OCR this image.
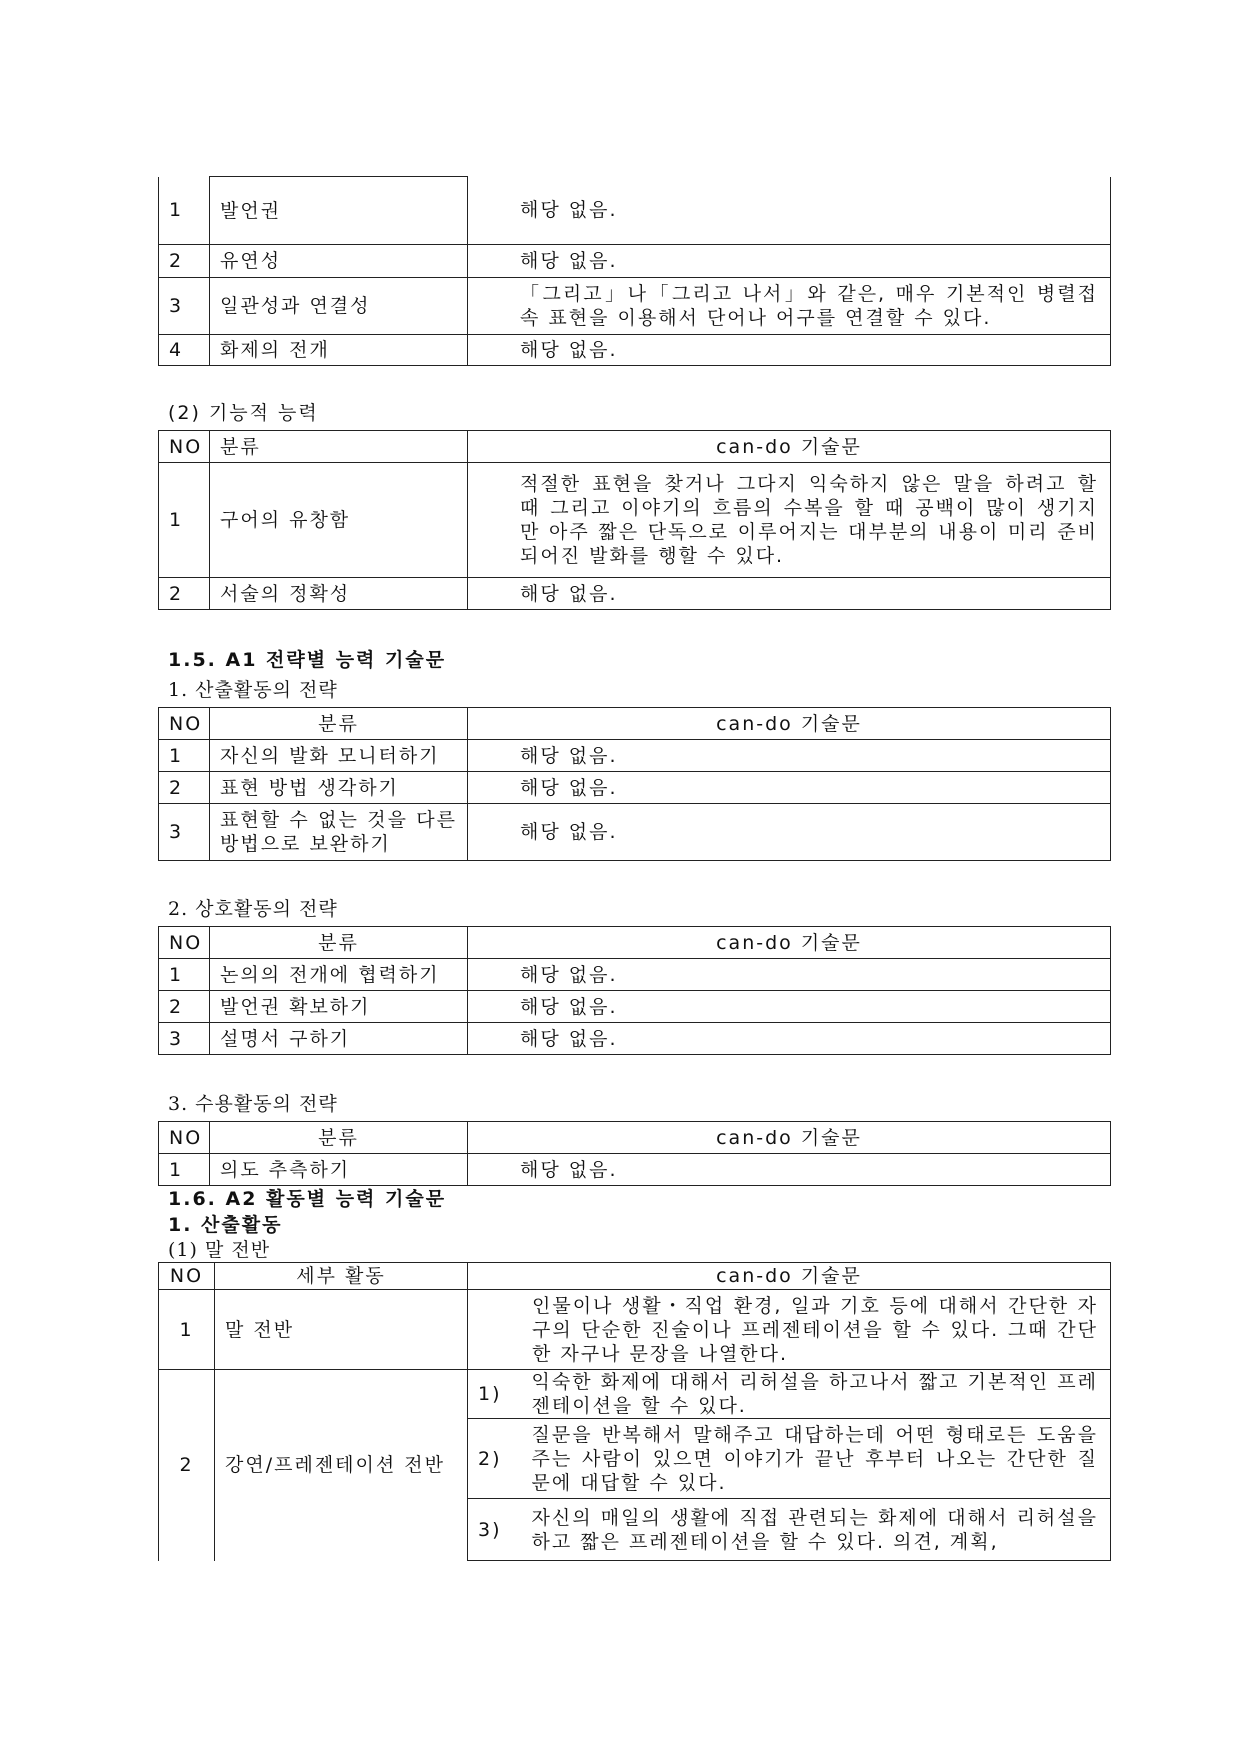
1	발언권	해당 없음.
2	유연성	해당 없음.
3	일관성과 연결성	「그리고」나「그리고 나서」와 같은, 매우 기본적인 병렬접속 표현을 이용해서 단어나 어구를 연결할 수 있다.
4	화제의 전개	해당 없음.
(2) 기능적 능력
NO	분류	can-do 기술문
1	구어의 유창함	적절한 표현을 찾거나 그다지 익숙하지 않은 말을 하려고 할 때 그리고 이야기의 흐름의 수복을 할 때 공백이 많이 생기지만 아주 짧은 단독으로 이루어지는 대부분의 내용이 미리 준비되어진 발화를 행할 수 있다.
2	서술의 정확성	해당 없음.
1.5. A1 전략별 능력 기술문
1. 산출활동의 전략
NO	분류	can-do 기술문
1	자신의 발화 모니터하기	해당 없음.
2	표현 방법 생각하기	해당 없음.
3	표현할 수 없는 것을 다른 방법으로 보완하기	해당 없음.
2. 상호활동의 전략
NO	분류	can-do 기술문
1	논의의 전개에 협력하기	해당 없음.
2	발언권 확보하기	해당 없음.
3	설명서 구하기	해당 없음.
3. 수용활동의 전략
NO	분류	can-do 기술문
1	의도 추측하기	해당 없음.
1.6. A2 활동별 능력 기술문
1. 산출활동
(1) 말 전반
NO	세부 활동	can-do 기술문	
1	말 전반	인물이나 생활・직업 환경, 일과 기호 등에 대해서 간단한 자구의 단순한 진술이나 프레젠테이션을 할 수 있다. 그때 간단한 자구나 문장을 나열한다.	
2	강연/프레젠테이션 전반	1)	익숙한 화제에 대해서 리허설을 하고나서 짧고 기본적인 프레젠테이션을 할 수 있다.
		2)	질문을 반복해서 말해주고 대답하는데 어떤 형태로든 도움을 주는 사람이 있으면 이야기가 끝난 후부터 나오는 간단한 질문에 대답할 수 있다.
		3)	자신의 매일의 생활에 직접 관련되는 화제에 대해서 리허설을 하고 짧은 프레젠테이션을 할 수 있다. 의견, 계획,
